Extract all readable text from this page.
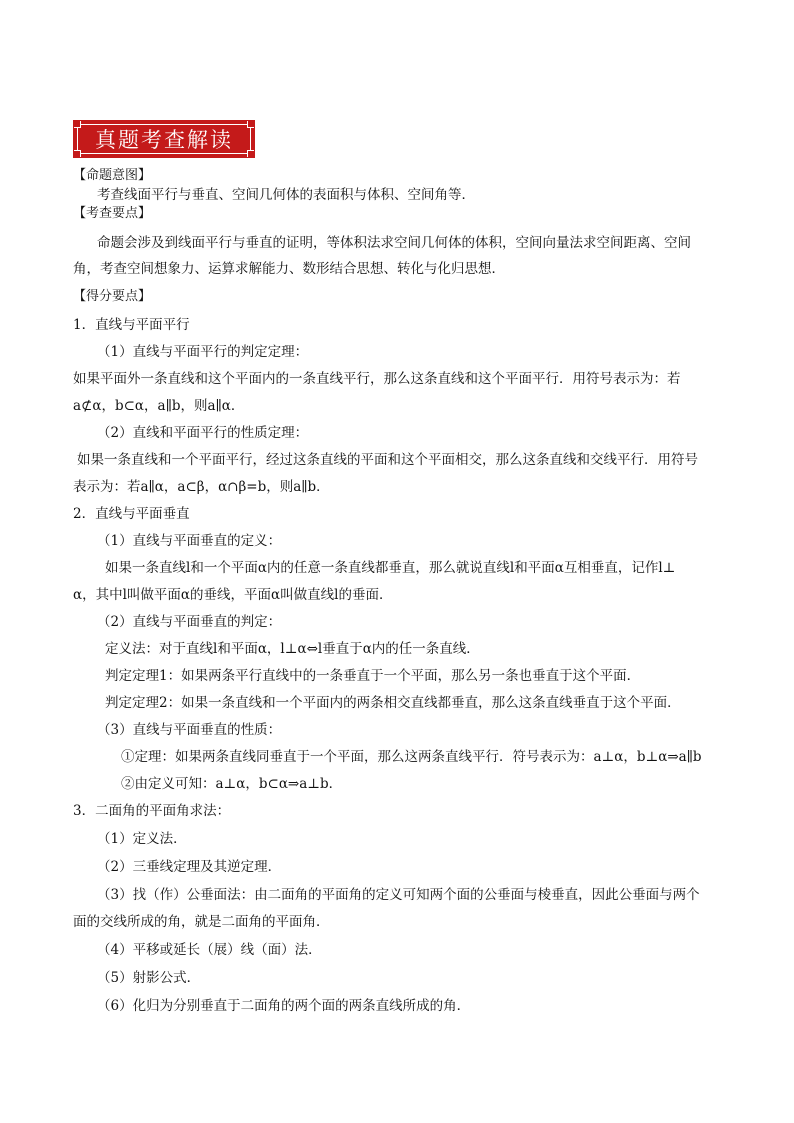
真题考查解读
【命题意图】
考查线面平行与垂直、空间几何体的表面积与体积、空间角等．
【考查要点】
命题会涉及到线面平行与垂直的证明，等体积法求空间几何体的体积，空间向量法求空间距离、空间
角，考查空间想象力、运算求解能力、数形结合思想、转化与化归思想．
【得分要点】
1．直线与平面平行
（1）直线与平面平行的判定定理：
如果平面外一条直线和这个平面内的一条直线平行，那么这条直线和这个平面平行．用符号表示为：若
a⊄α，b⊂α，a∥b，则a∥α．
（2）直线和平面平行的性质定理：
如果一条直线和一个平面平行，经过这条直线的平面和这个平面相交，那么这条直线和交线平行．用符号
表示为：若a∥α，a⊂β，α∩β=b，则a∥b．
2．直线与平面垂直
（1）直线与平面垂直的定义：
如果一条直线l和一个平面α内的任意一条直线都垂直，那么就说直线l和平面α互相垂直，记作l⊥
α，其中l叫做平面α的垂线，平面α叫做直线l的垂面．
（2）直线与平面垂直的判定：
定义法：对于直线l和平面α，l⊥α⇔l垂直于α内的任一条直线．
判定定理1：如果两条平行直线中的一条垂直于一个平面，那么另一条也垂直于这个平面．
判定定理2：如果一条直线和一个平面内的两条相交直线都垂直，那么这条直线垂直于这个平面．
（3）直线与平面垂直的性质：
①定理：如果两条直线同垂直于一个平面，那么这两条直线平行．符号表示为：a⊥α，b⊥α⇒a∥b
②由定义可知：a⊥α，b⊂α⇒a⊥b．
3．二面角的平面角求法：
（1）定义法．
（2）三垂线定理及其逆定理．
（3）找（作）公垂面法：由二面角的平面角的定义可知两个面的公垂面与棱垂直，因此公垂面与两个
面的交线所成的角，就是二面角的平面角．
（4）平移或延长（展）线（面）法．
（5）射影公式．
（6）化归为分别垂直于二面角的两个面的两条直线所成的角．
